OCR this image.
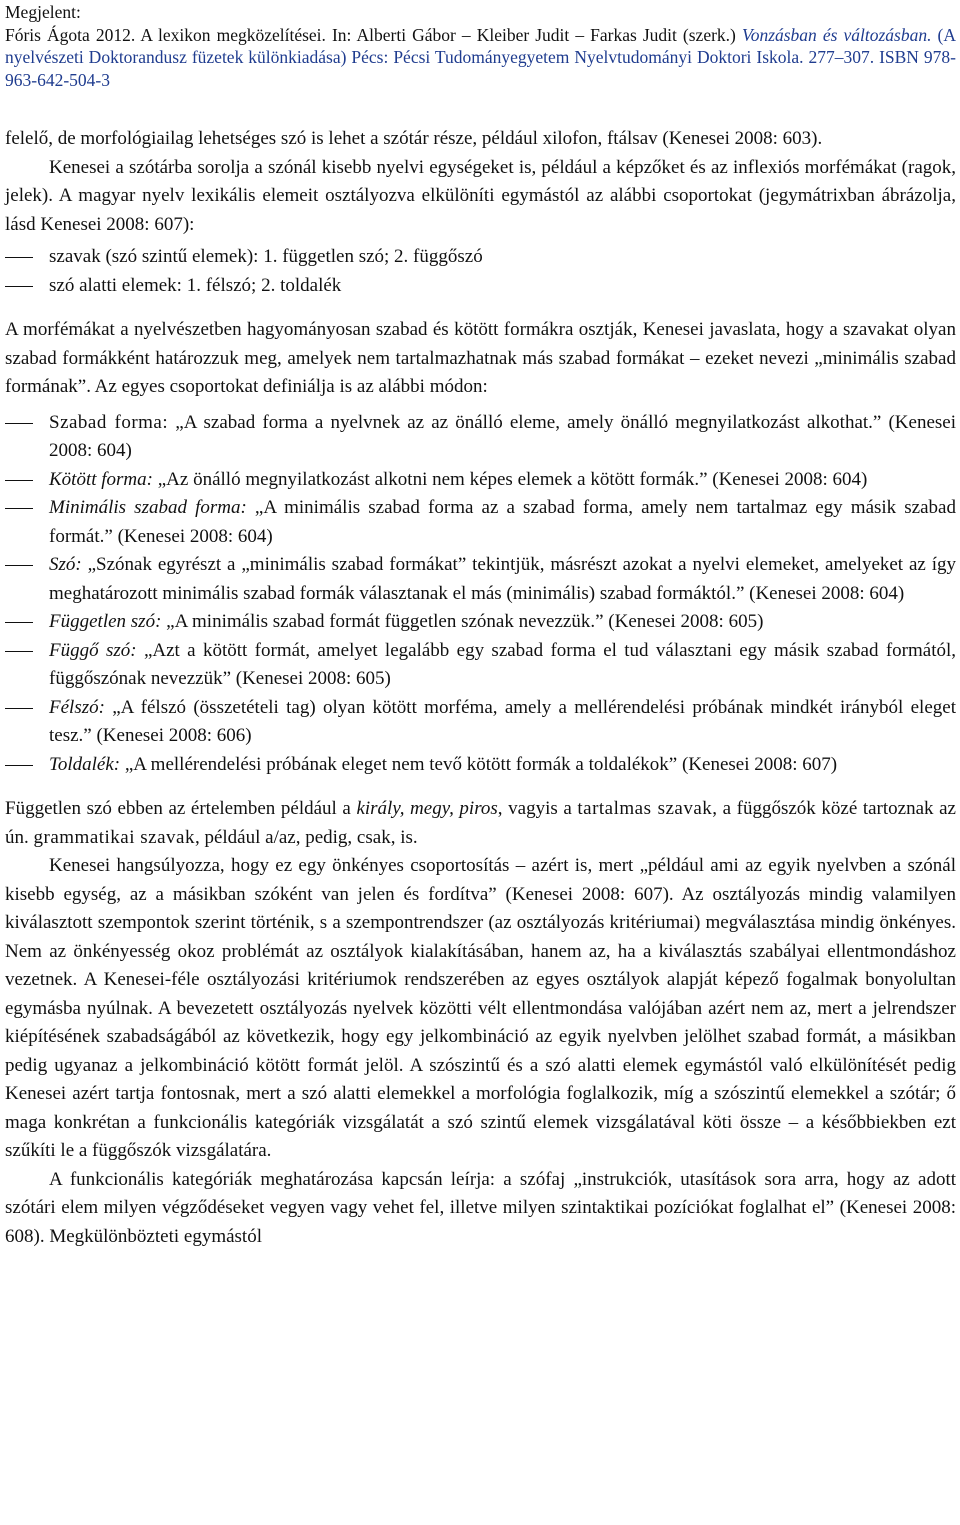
Megjelent:
Fóris Ágota 2012. A lexikon megközelítései. In: Alberti Gábor – Kleiber Judit – Farkas Judit (szerk.) Vonzásban és változásban. (A nyelvészeti Doktorandusz füzetek különkiadása) Pécs: Pécsi Tudományegyetem Nyelvtudományi Doktori Iskola. 277–307. ISBN 978-963-642-504-3

felelő, de morfológiailag lehetséges szó is lehet a szótár része, például xilofon, ftálsav (Kenesei 2008: 603).

Kenesei a szótárba sorolja a szónál kisebb nyelvi egységeket is, például a képzőket és az inflexiós morfémákat (ragok, jelek). A magyar nyelv lexikális elemeit osztályozva elkülöníti egymástól az alábbi csoportokat (jegymátrixban ábrázolja, lásd Kenesei 2008: 607):

szavak (szó szintű elemek): 1. független szó; 2. függőszó
szó alatti elemek: 1. félszó; 2. toldalék

A morfémákat a nyelvészetben hagyományosan szabad és kötött formákra osztják, Kenesei javaslata, hogy a szavakat olyan szabad formákként határozzuk meg, amelyek nem tartalmazhatnak más szabad formákat – ezeket nevezi „minimális szabad formának”. Az egyes csoportokat definiálja is az alábbi módon:

Szabad forma: „A szabad forma a nyelvnek az az önálló eleme, amely önálló megnyilatkozást alkothat.” (Kenesei 2008: 604)
Kötött forma: „Az önálló megnyilatkozást alkotni nem képes elemek a kötött formák.” (Kenesei 2008: 604)
Minimális szabad forma: „A minimális szabad forma az a szabad forma, amely nem tartalmaz egy másik szabad formát.” (Kenesei 2008: 604)
Szó: „Szónak egyrészt a „minimális szabad formákat” tekintjük, másrészt azokat a nyelvi elemeket, amelyeket az így meghatározott minimális szabad formák választanak el más (minimális) szabad formáktól.” (Kenesei 2008: 604)
Független szó: „A minimális szabad formát független szónak nevezzük.” (Kenesei 2008: 605)
Függő szó: „Azt a kötött formát, amelyet legalább egy szabad forma el tud választani egy másik szabad formától, függőszónak nevezzük” (Kenesei 2008: 605)
Félszó: „A félszó (összetételi tag) olyan kötött morféma, amely a mellérendelési próbának mindkét irányból eleget tesz.” (Kenesei 2008: 606)
Toldalék: „A mellérendelési próbának eleget nem tevő kötött formák a toldalékok” (Kenesei 2008: 607)

Független szó ebben az értelemben például a király, megy, piros, vagyis a tartalmas szavak, a függőszók közé tartoznak az ún. grammatikai szavak, például a/az, pedig, csak, is.

Kenesei hangsúlyozza, hogy ez egy önkényes csoportosítás – azért is, mert „például ami az egyik nyelvben a szónál kisebb egység, az a másikban szóként van jelen és fordítva” (Kenesei 2008: 607). Az osztályozás mindig valamilyen kiválasztott szempontok szerint történik, s a szempontrendszer (az osztályozás kritériumai) megválasztása mindig önkényes. Nem az önkényesség okoz problémát az osztályok kialakításában, hanem az, ha a kiválasztás szabályai ellentmondáshoz vezetnek. A Kenesei-féle osztályozási kritériumok rendszerében az egyes osztályok alapját képező fogalmak bonyolultan egymásba nyúlnak. A bevezetett osztályozás nyelvek közötti vélt ellentmondása valójában azért nem az, mert a jelrendszer kiépítésének szabadságából az következik, hogy egy jelkombináció az egyik nyelvben jelölhet szabad formát, a másikban pedig ugyanaz a jelkombináció kötött formát jelöl. A szószintű és a szó alatti elemek egymástól való elkülönítését pedig Kenesei azért tartja fontosnak, mert a szó alatti elemekkel a morfológia foglalkozik, míg a szószintű elemekkel a szótár; ő maga konkrétan a funkcionális kategóriák vizsgálatát a szó szintű elemek vizsgálatával köti össze – a későbbiekben ezt szűkíti le a függőszók vizsgálatára.

A funkcionális kategóriák meghatározása kapcsán leírja: a szófaj „instrukciók, utasítások sora arra, hogy az adott szótári elem milyen végződéseket vegyen vagy vehet fel, illetve milyen szintaktikai pozíciókat foglalhat el” (Kenesei 2008: 608). Megkülönbözteti egymástól
